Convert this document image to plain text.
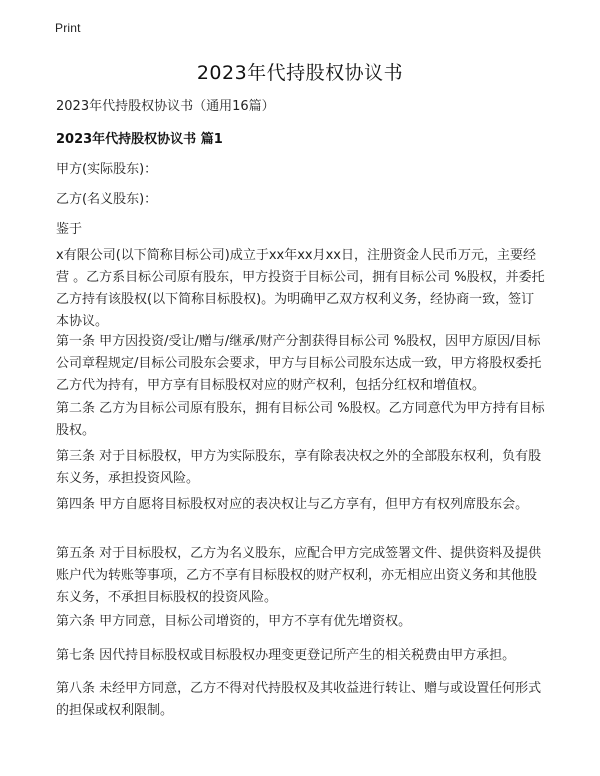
Print
2023年代持股权协议书
2023年代持股权协议书（通用16篇）
2023年代持股权协议书 篇1
甲方(实际股东)：
乙方(名义股东)：
鉴于
x有限公司(以下简称目标公司)成立于xx年xx月xx日，注册资金人民币万元，主要经营 。乙方系目标公司原有股东，甲方投资于目标公司，拥有目标公司 %股权，并委托乙方持有该股权(以下简称目标股权)。为明确甲乙双方权利义务，经协商一致，签订本协议。
第一条 甲方因投资/受让/赠与/继承/财产分割获得目标公司 %股权，因甲方原因/目标公司章程规定/目标公司股东会要求，甲方与目标公司股东达成一致，甲方将股权委托乙方代为持有，甲方享有目标股权对应的财产权利，包括分红权和增值权。
第二条 乙方为目标公司原有股东，拥有目标公司 %股权。乙方同意代为甲方持有目标股权。
第三条 对于目标股权，甲方为实际股东，享有除表决权之外的全部股东权利，负有股东义务，承担投资风险。
第四条 甲方自愿将目标股权对应的表决权让与乙方享有，但甲方有权列席股东会。
第五条 对于目标股权，乙方为名义股东，应配合甲方完成签署文件、提供资料及提供账户代为转账等事项，乙方不享有目标股权的财产权利，亦无相应出资义务和其他股东义务，不承担目标股权的投资风险。
第六条 甲方同意，目标公司增资的，甲方不享有优先增资权。
第七条 因代持目标股权或目标股权办理变更登记所产生的相关税费由甲方承担。
第八条 未经甲方同意，乙方不得对代持股权及其收益进行转让、赠与或设置任何形式的担保或权利限制。
